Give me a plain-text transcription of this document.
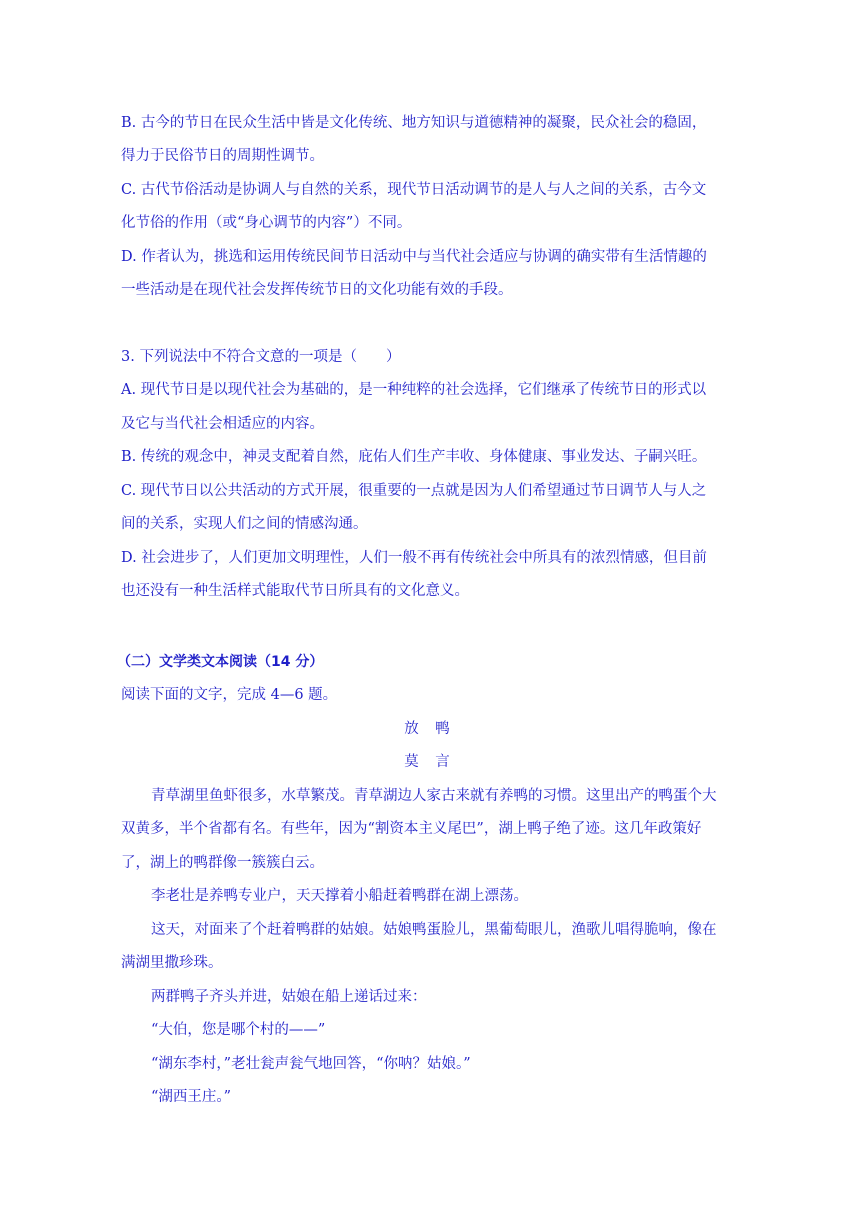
B. 古今的节日在民众生活中皆是文化传统、地方知识与道德精神的凝聚，民众社会的稳固，
得力于民俗节日的周期性调节。
C. 古代节俗活动是协调人与自然的关系，现代节日活动调节的是人与人之间的关系，古今文
化节俗的作用（或“身心调节的内容”）不同。
D. 作者认为，挑选和运用传统民间节日活动中与当代社会适应与协调的确实带有生活情趣的
一些活动是在现代社会发挥传统节日的文化功能有效的手段。
3. 下列说法中不符合文意的一项是（　　）
A. 现代节日是以现代社会为基础的，是一种纯粹的社会选择，它们继承了传统节日的形式以
及它与当代社会相适应的内容。
B. 传统的观念中，神灵支配着自然，庇佑人们生产丰收、身体健康、事业发达、子嗣兴旺。
C. 现代节日以公共活动的方式开展，很重要的一点就是因为人们希望通过节日调节人与人之
间的关系，实现人们之间的情感沟通。
D. 社会进步了，人们更加文明理性，人们一般不再有传统社会中所具有的浓烈情感，但目前
也还没有一种生活样式能取代节日所具有的文化意义。
（二）文学类文本阅读（14 分）
阅读下面的文字，完成 4—6 题。
放 鸭
莫 言
青草湖里鱼虾很多，水草繁茂。青草湖边人家古来就有养鸭的习惯。这里出产的鸭蛋个大
双黄多，半个省都有名。有些年，因为“割资本主义尾巴”，湖上鸭子绝了迹。这几年政策好
了，湖上的鸭群像一簇簇白云。
李老壮是养鸭专业户，天天撑着小船赶着鸭群在湖上漂荡。
这天，对面来了个赶着鸭群的姑娘。姑娘鸭蛋脸儿，黑葡萄眼儿，渔歌儿唱得脆响，像在
满湖里撒珍珠。
两群鸭子齐头并进，姑娘在船上递话过来：
“大伯，您是哪个村的——”
“湖东李村，”老壮瓮声瓮气地回答，“你呐？姑娘。”
“湖西王庄。”
